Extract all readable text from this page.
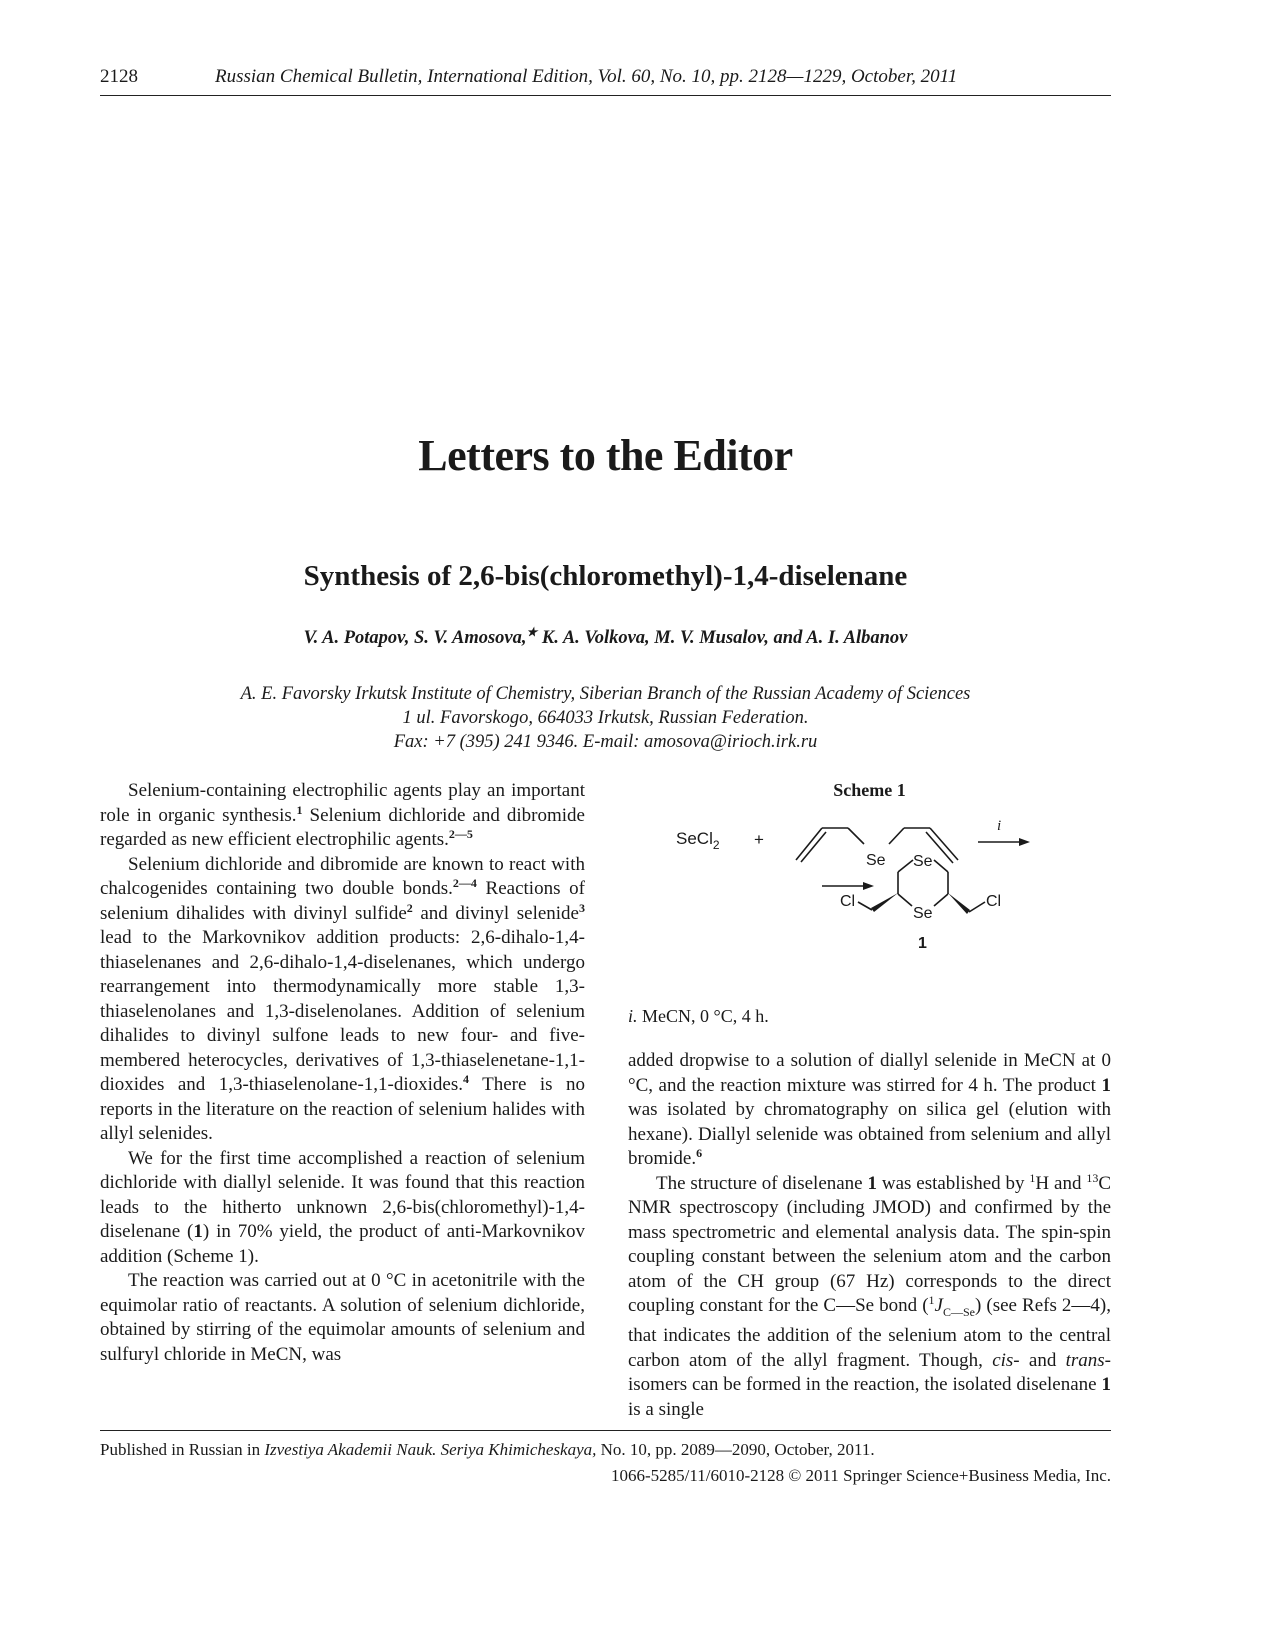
2128	Russian Chemical Bulletin, International Edition, Vol. 60, No. 10, pp. 2128—1229, October, 2011
Letters to the Editor
Synthesis of 2,6-bis(chloromethyl)-1,4-diselenane
V. A. Potapov, S. V. Amosova,★ K. A. Volkova, M. V. Musalov, and A. I. Albanov
A. E. Favorsky Irkutsk Institute of Chemistry, Siberian Branch of the Russian Academy of Sciences
1 ul. Favorskogo, 664033 Irkutsk, Russian Federation.
Fax: +7 (395) 241 9346. E-mail: amosova@irioch.irk.ru

Selenium-containing electrophilic agents play an important role in organic synthesis.$^1$ Selenium dichloride and dibromide regarded as new efficient electrophilic agents.$^{2—5}$

Selenium dichloride and dibromide are known to react with chalcogenides containing two double bonds.$^{2—4}$ Reactions of selenium dihalides with divinyl sulfide$^2$ and divinyl selenide$^3$ lead to the Markovnikov addition products: 2,6-dihalo-1,4-thiaselenanes and 2,6-dihalo-1,4-diselenanes, which undergo rearrangement into thermodynamically more stable 1,3-thiaselenolanes and 1,3-diselenolanes. Addition of selenium dihalides to divinyl sulfone leads to new four- and five-membered heterocycles, derivatives of 1,3-thiaselenetane-1,1-dioxides and 1,3-thiaselenolane-1,1-dioxides.$^4$ There is no reports in the literature on the reaction of selenium halides with allyl selenides.

We for the first time accomplished a reaction of selenium dichloride with diallyl selenide. It was found that this reaction leads to the hitherto unknown 2,6-bis(chloromethyl)-1,4-diselenane (1) in 70% yield, the product of anti-Markovnikov addition (Scheme 1).

The reaction was carried out at 0 °C in acetonitrile with the equimolar ratio of reactants. A solution of selenium dichloride, obtained by stirring of the equimolar amounts of selenium and sulfuryl chloride in MeCN, was

Scheme 1
SeCl$_2$ +
Se
i
Se
Se
Cl	Cl
1
i. MeCN, 0 °C, 4 h.

added dropwise to a solution of diallyl selenide in MeCN at 0 °C, and the reaction mixture was stirred for 4 h. The product 1 was isolated by chromatography on silica gel (elution with hexane). Diallyl selenide was obtained from selenium and allyl bromide.$^6$

The structure of diselenane 1 was established by $^1$H and $^{13}$C NMR spectroscopy (including JMOD) and confirmed by the mass spectrometric and elemental analysis data. The spin-spin coupling constant between the selenium atom and the carbon atom of the CH group (67 Hz) corresponds to the direct coupling constant for the C—Se bond $(^1J_{C—Se})$ (see Refs 2—4), that indicates the addition of the selenium atom to the central carbon atom of the allyl fragment. Though, cis- and trans-isomers can be formed in the reaction, the isolated diselenane 1 is a single

Published in Russian in Izvestiya Akademii Nauk. Seriya Khimicheskaya, No. 10, pp. 2089—2090, October, 2011.
1066-5285/11/6010-2128 © 2011 Springer Science+Business Media, Inc.
